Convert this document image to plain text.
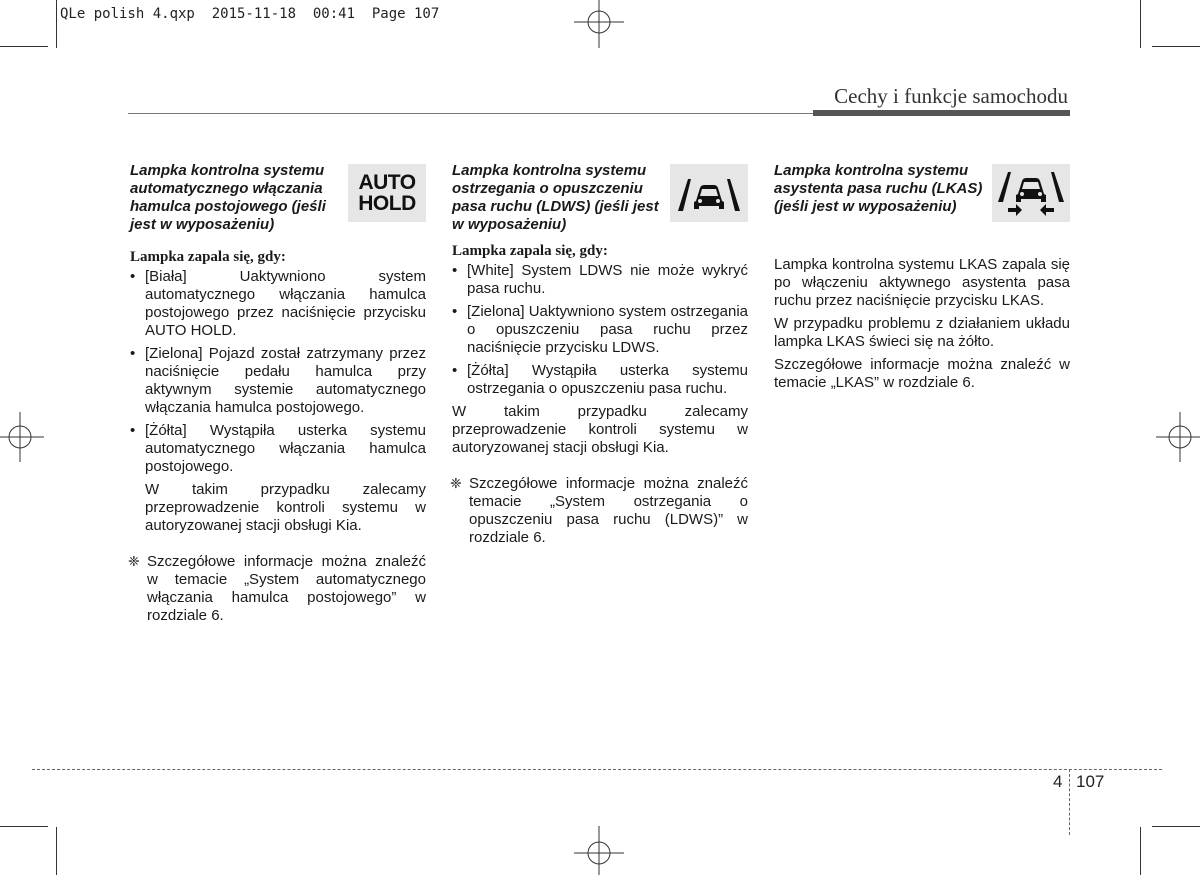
QLe polish 4.qxp  2015-11-18  00:41  Page 107
Cechy i funkcje samochodu

Lampka kontrolna systemu automatycznego włączania hamulca postojowego (jeśli jest w wyposażeniu)

AUTO
HOLD
Lampka zapala się, gdy:
• [Biała] Uaktywniono system automatycznego włączania hamulca postojowego przez naciśnięcie przycisku AUTO HOLD.
• [Zielona] Pojazd został zatrzymany przez naciśnięcie pedału hamulca przy aktywnym systemie automatycznego włączania hamulca postojowego.
• [Żółta] Wystąpiła usterka systemu automatycznego włączania hamulca postojowego.

W takim przypadku zalecamy przeprowadzenie kontroli systemu w autoryzowanej stacji obsługi Kia.

❈ Szczegółowe informacje można znaleźć w temacie „System automatycznego włączania hamulca postojowego” w rozdziale 6.

Lampka kontrolna systemu ostrzegania o opuszczeniu pasa ruchu (LDWS) (jeśli jest w wyposażeniu)

Lampka zapala się, gdy:
• [White] System LDWS nie może wykryć pasa ruchu.
• [Zielona] Uaktywniono system ostrzegania o opuszczeniu pasa ruchu przez naciśnięcie przycisku LDWS.
• [Żółta] Wystąpiła usterka systemu ostrzegania o opuszczeniu pasa ruchu.

W takim przypadku zalecamy przeprowadzenie kontroli systemu w autoryzowanej stacji obsługi Kia.

❈ Szczegółowe informacje można znaleźć temacie „System ostrzegania o opuszczeniu pasa ruchu (LDWS)” w rozdziale 6.

Lampka kontrolna systemu asystenta pasa ruchu (LKAS) (jeśli jest w wyposażeniu)

Lampka kontrolna systemu LKAS zapala się po włączeniu aktywnego asystenta pasa ruchu przez naciśnięcie przycisku LKAS.

W przypadku problemu z działaniem układu lampka LKAS świeci się na żółto.

Szczegółowe informacje można znaleźć w temacie „LKAS” w rozdziale 6.

4 107
